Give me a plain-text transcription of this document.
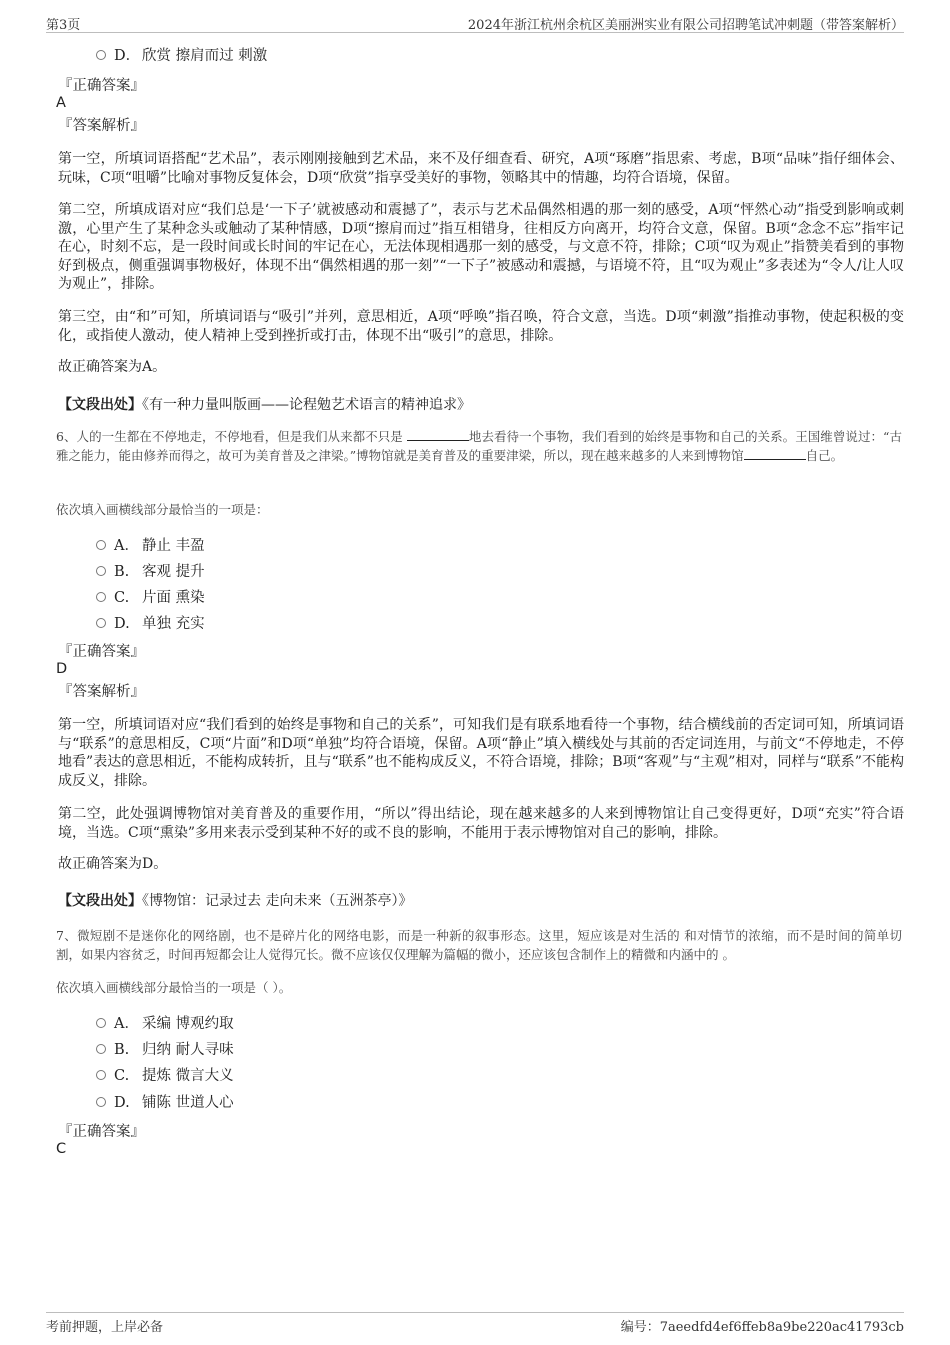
第3页	2024年浙江杭州余杭区美丽洲实业有限公司招聘笔试冲刺题（带答案解析）
D． 欣赏 擦肩而过 刺激
『正确答案』
A
『答案解析』

第一空，所填词语搭配“艺术品”，表示刚刚接触到艺术品，来不及仔细查看、研究，A项“琢磨”指思索、考虑，B项“品味”指仔细体会、玩味，C项“咀嚼”比喻对事物反复体会，D项“欣赏”指享受美好的事物，领略其中的情趣，均符合语境，保留。

第二空，所填成语对应“我们总是‘一下子’就被感动和震撼了”，表示与艺术品偶然相遇的那一刻的感受，A项“怦然心动”指受到影响或刺激，心里产生了某种念头或触动了某种情感，D项“擦肩而过”指互相错身，往相反方向离开，均符合文意，保留。B项“念念不忘”指牢记在心，时刻不忘，是一段时间或长时间的牢记在心，无法体现相遇那一刻的感受，与文意不符，排除；C项“叹为观止”指赞美看到的事物好到极点，侧重强调事物极好，体现不出“偶然相遇的那一刻”“一下子”被感动和震撼，与语境不符，且“叹为观止”多表述为“令人/让人叹为观止”，排除。

第三空，由“和”可知，所填词语与“吸引”并列，意思相近，A项“呼唤”指召唤，符合文意，当选。D项“刺激”指推动事物，使起积极的变化，或指使人激动，使人精神上受到挫折或打击，体现不出“吸引”的意思，排除。

故正确答案为A。

【文段出处】《有一种力量叫版画——论程勉艺术语言的精神追求》

6、人的一生都在不停地走，不停地看，但是我们从来都不只是	地去看待一个事物，我们看到的始终是事物和自己的关系。王国维曾说过：“古雅之能力，能由修养而得之，故可为美育普及之津梁。”博物馆就是美育普及的重要津梁，所以，现在越来越多的人来到博物馆	自己。

依次填入画横线部分最恰当的一项是：
A． 静止 丰盈
B. 客观 提升
C. 片面 熏染
D. 单独 充实
『正确答案』
D
『答案解析』

第一空，所填词语对应“我们看到的始终是事物和自己的关系”，可知我们是有联系地看待一个事物，结合横线前的否定词可知，所填词语与“联系”的意思相反，C项“片面”和D项“单独”均符合语境，保留。A项“静止”填入横线处与其前的否定词连用，与前文“不停地走，不停地看”表达的意思相近，不能构成转折，且与“联系”也不能构成反义，不符合语境，排除；B项“客观”与“主观”相对，同样与“联系”不能构成反义，排除。

第二空，此处强调博物馆对美育普及的重要作用，“所以”得出结论，现在越来越多的人来到博物馆让自己变得更好，D项“充实”符合语境，当选。C项“熏染”多用来表示受到某种不好的或不良的影响，不能用于表示博物馆对自己的影响，排除。

故正确答案为D。

【文段出处】《博物馆：记录过去 走向未来（五洲茶亭）》

7、微短剧不是迷你化的网络剧，也不是碎片化的网络电影，而是一种新的叙事形态。这里，短应该是对生活的 和对情节的浓缩，而不是时间的简单切割，如果内容贫乏，时间再短都会让人觉得冗长。微不应该仅仅理解为篇幅的微小，还应该包含制作上的精微和内涵中的 。

依次填入画横线部分最恰当的一项是（ ）。
A． 采编 博观约取
B. 归纳 耐人寻味
C. 提炼 微言大义
D. 铺陈 世道人心
『正确答案』
C
考前押题，上岸必备	编号：7aeedfd4ef6ffeb8a9be220ac41793cb
